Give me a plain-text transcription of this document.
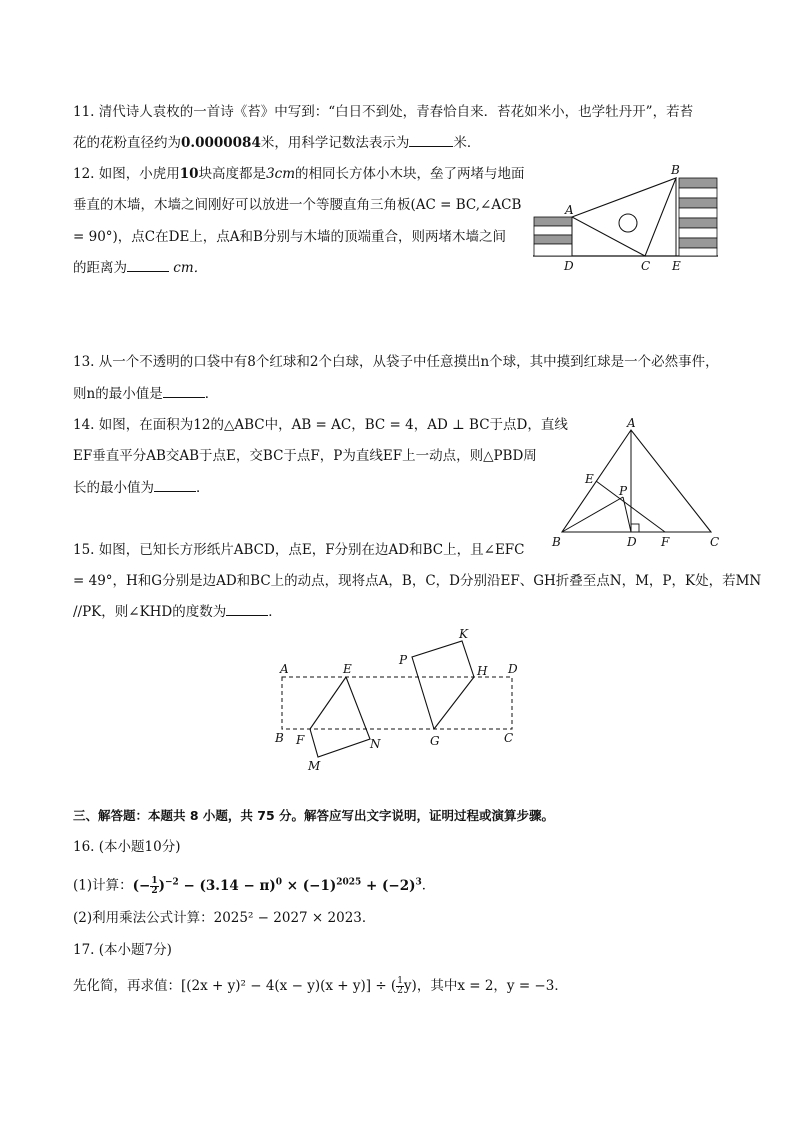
11. 清代诗人袁枚的一首诗《苔》中写到：“白日不到处，青春恰自来．苔花如米小，也学牡丹开”，若苔
花的花粉直径约为0.0000084米，用科学记数法表示为	米．
12. 如图，小虎用10块高度都是3cm的相同长方体小木块，垒了两堵与地面
垂直的木墙，木墙之间刚好可以放进一个等腰直角三角板(AC = BC,∠ACB
= 90°)，点C在DE上，点A和B分别与木墙的顶端重合，则两堵木墙之间
的距离为	cm．
A
B
C
D	E
13. 从一个不透明的口袋中有8个红球和2个白球，从袋子中任意摸出n个球，其中摸到红球是一个必然事件，
则n的最小值是	．
14. 如图，在面积为12的△ABC中，AB = AC，BC = 4，AD ⊥ BC于点D，直线
EF垂直平分AB交AB于点E，交BC于点F，P为直线EF上一动点，则△PBD周
长的最小值为	．
A
B	C
D
E
F
P
15. 如图，已知长方形纸片ABCD，点E，F分别在边AD和BC上，且∠EFC
= 49°，H和G分别是边AD和BC上的动点，现将点A，B，C，D分别沿EF、GH折叠至点N，M，P，K处，若MN
//PK，则∠KHD的度数为	．
A
B	C
D
E
F	G
H
K
M
N
P
三、解答题：本题共 8 小题，共 75 分。解答应写出文字说明，证明过程或演算步骤。
16. (本小题10分)
(1)计算：(− $\frac{1}{2} )^{-2} - (3.14 - \pi)^0 \times (-1)^{2025} + (-2)^3$．
(2)利用乘法公式计算：2025² − 2027 × 2023．
17. (本小题7分)
先化简，再求值：[(2x + y)² − 4(x − y)(x + y)] ÷ ( $\frac{1}{2} y$)，其中x = 2，y = −3．
